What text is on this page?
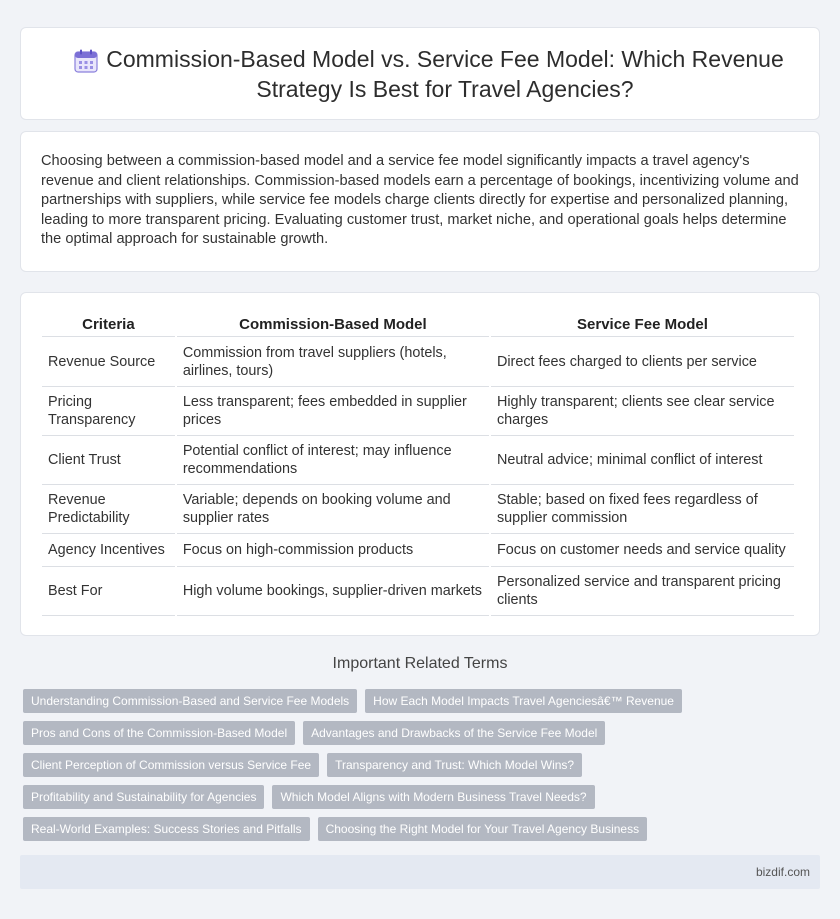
Commission-Based Model vs. Service Fee Model: Which Revenue Strategy Is Best for Travel Agencies?

Choosing between a commission-based model and a service fee model significantly impacts a travel agency's revenue and client relationships. Commission-based models earn a percentage of bookings, incentivizing volume and partnerships with suppliers, while service fee models charge clients directly for expertise and personalized planning, leading to more transparent pricing. Evaluating customer trust, market niche, and operational goals helps determine the optimal approach for sustainable growth.

Criteria	Commission-Based Model	Service Fee Model
Revenue Source	Commission from travel suppliers (hotels, airlines, tours)	Direct fees charged to clients per service
Pricing Transparency	Less transparent; fees embedded in supplier prices	Highly transparent; clients see clear service charges
Client Trust	Potential conflict of interest; may influence recommendations	Neutral advice; minimal conflict of interest
Revenue Predictability	Variable; depends on booking volume and supplier rates	Stable; based on fixed fees regardless of supplier commission
Agency Incentives	Focus on high-commission products	Focus on customer needs and service quality
Best For	High volume bookings, supplier-driven markets	Personalized service and transparent pricing clients
Important Related Terms
Understanding Commission-Based and Service Fee Models	How Each Model Impacts Travel Agenciesâ€™ Revenue
Pros and Cons of the Commission-Based Model	Advantages and Drawbacks of the Service Fee Model
Client Perception of Commission versus Service Fee	Transparency and Trust: Which Model Wins?
Profitability and Sustainability for Agencies	Which Model Aligns with Modern Business Travel Needs?
Real-World Examples: Success Stories and Pitfalls	Choosing the Right Model for Your Travel Agency Business
bizdif.com
